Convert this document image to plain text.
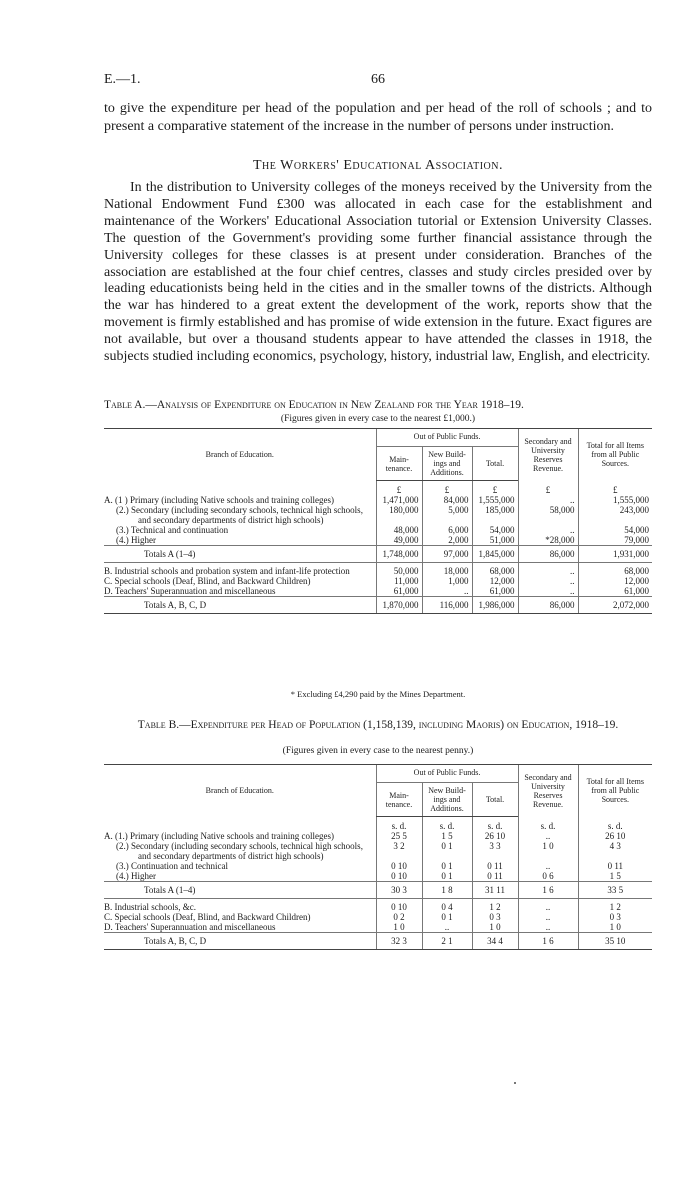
E.—1.	66

to give the expenditure per head of the population and per head of the roll of schools ; and to present a comparative statement of the increase in the number of persons under instruction.

The Workers' Educational Association.

In the distribution to University colleges of the moneys received by the University from the National Endowment Fund £300 was allocated in each case for the establishment and maintenance of the Workers' Educational Association tutorial or Extension University Classes. The question of the Government's providing some further financial assistance through the University colleges for these classes is at present under consideration. Branches of the association are established at the four chief centres, classes and study circles presided over by leading educationists being held in the cities and in the smaller towns of the districts. Although the war has hindered to a great extent the development of the work, reports show that the movement is firmly established and has promise of wide extension in the future. Exact figures are not available, but over a thousand students appear to have attended the classes in 1918, the subjects studied including economics, psychology, history, industrial law, English, and electricity.

Table A.—Analysis of Expenditure on Education in New Zealand for the Year 1918–19.

(Figures given in every case to the nearest £1,000.)

Branch of Education.	Out of Public Funds.			Secondary and University Reserves Revenue.	Total for all Items from all Public Sources.
	Main-tenance.	New Build-ings and Additions.	Total.		
	£	£	£	£	£
A. (1 ) Primary (including Native schools and training colleges)	1,471,000	84,000	1,555,000	..	1,555,000
(2.) Secondary (including secondary schools, technical high schools, and secondary departments of district high schools)	180,000	5,000	185,000	58,000	243,000
(3.) Technical and continuation	48,000	6,000	54,000	..	54,000
(4.) Higher	49,000	2,000	51,000	*28,000	79,000
Totals A (1–4)	1,748,000	97,000	1,845,000	86,000	1,931,000
B. Industrial schools and probation system and infant-life protection	50,000	18,000	68,000	..	68,000
C. Special schools (Deaf, Blind, and Backward Children)	11,000	1,000	12,000	..	12,000
D. Teachers' Superannuation and miscellaneous	61,000	..	61,000	..	61,000
Totals A, B, C, D	1,870,000	116,000	1,986,000	86,000	2,072,000
* Excluding £4,290 paid by the Mines Department.

Table B.—Expenditure per Head of Population (1,158,139, including Maoris) on Education, 1918–19.

(Figures given in every case to the nearest penny.)

Branch of Education.	Out of Public Funds.			Secondary and University Reserves Revenue.	Total for all Items from all Public Sources.
	Main-tenance.	New Build-ings and Additions.	Total.		
	s. d.	s. d.	s. d.	s. d.	s. d.
A. (1.) Primary (including Native schools and training colleges)	25 5	1 5	26 10	..	26 10
(2.) Secondary (including secondary schools, technical high schools, and secondary departments of district high schools)	3 2	0 1	3 3	1 0	4 3
(3.) Continuation and technical	0 10	0 1	0 11	..	0 11
(4.) Higher	0 10	0 1	0 11	0 6	1 5
Totals A (1–4)	30 3	1 8	31 11	1 6	33 5
B. Industrial schools, &c.	0 10	0 4	1 2	..	1 2
C. Special schools (Deaf, Blind, and Backward Children)	0 2	0 1	0 3	..	0 3
D. Teachers' Superannuation and miscellaneous	1 0	..	1 0	..	1 0
Totals A, B, C, D	32 3	2 1	34 4	1 6	35 10
